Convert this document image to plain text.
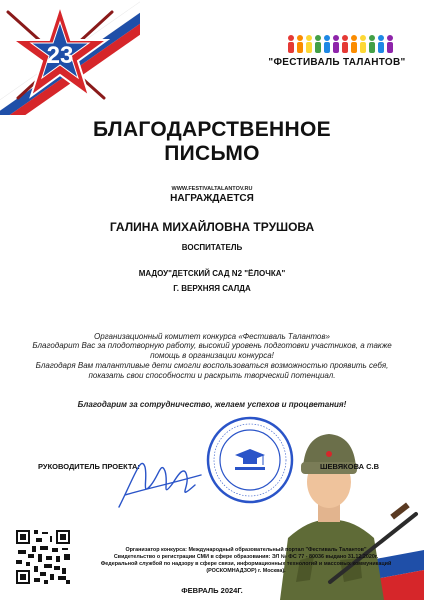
23	"ФЕСТИВАЛЬ ТАЛАНТОВ"
БЛАГОДАРСТВЕННОЕ
ПИСЬМО
WWW.FESTIVALTALANTOV.RU
НАГРАЖДАЕТСЯ
ГАЛИНА МИХАЙЛОВНА ТРУШОВА
ВОСПИТАТЕЛЬ
МАДОУ"ДЕТСКИЙ САД N2 "ЁЛОЧКА"
Г. ВЕРХНЯЯ САЛДА
Организационный комитет конкурса «Фестиваль Талантов»
Благодарит Вас за плодотворную работу, высокий уровень подготовки участников, а также помощь в организации конкурса!
Благодаря Вам талантливые дети смогли воспользоваться возможностью проявить себя, показать свои способности и раскрыть творческий потенциал.
Благодарим за сотрудничество, желаем успехов и процветания!
РУКОВОДИТЕЛЬ ПРОЕКТА:	ШЕВЯКОВА С.В
Организатор конкурса: Международный образовательный портал "Фестиваль Талантов"
Свидетельство о регистрации СМИ в сфере образования: ЭЛ № ФС 77 - 80036 выдано 31.12.2020г.
Федеральной службой по надзору в сфере связи, информационных технологий и массовых коммуникаций
(РОСКОМНАДЗОР) г. Москва).
ФЕВРАЛЬ 2024Г.
